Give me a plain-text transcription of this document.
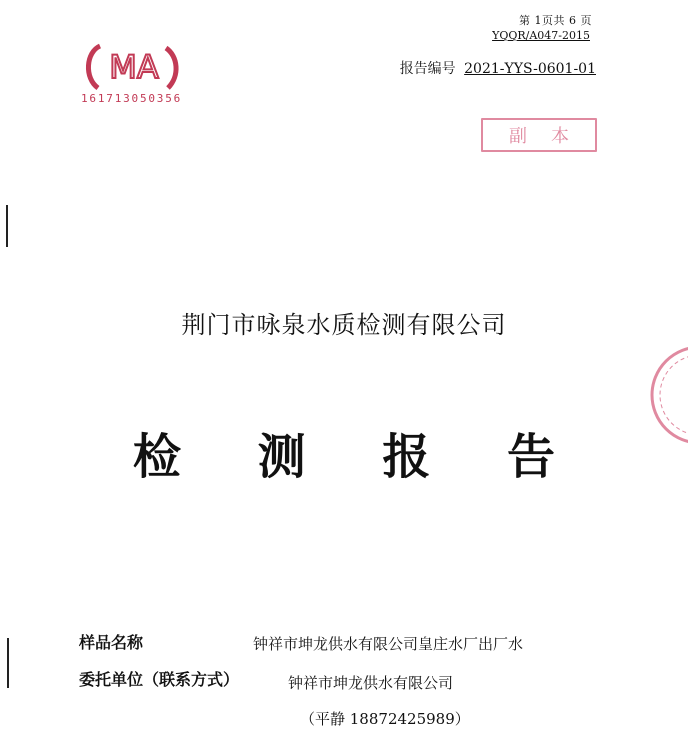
第 1页共 6 页
YQQR/A047-2015
报告编号 2021-YYS-0601-01
MA
161713050356
副 本
荆门市咏泉水质检测有限公司
检 测 报 告
样品名称	钟祥市坤龙供水有限公司皇庄水厂出厂水
委托单位（联系方式）	钟祥市坤龙供水有限公司
（平静 18872425989）
